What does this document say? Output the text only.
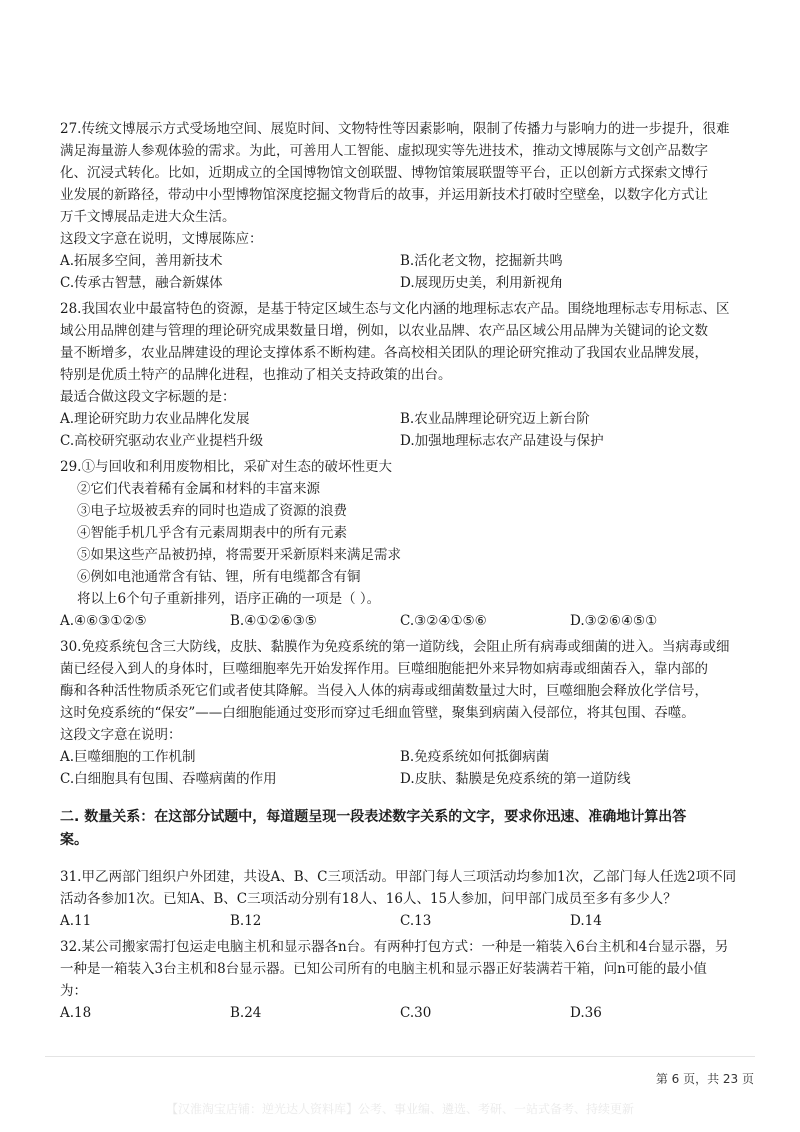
27.传统文博展示方式受场地空间、展览时间、文物特性等因素影响，限制了传播力与影响力的进一步提升，很难
满足海量游人参观体验的需求。为此，可善用人工智能、虚拟现实等先进技术，推动文博展陈与文创产品数字
化、沉浸式转化。比如，近期成立的全国博物馆文创联盟、博物馆策展联盟等平台，正以创新方式探索文博行
业发展的新路径，带动中小型博物馆深度挖掘文物背后的故事，并运用新技术打破时空壁垒，以数字化方式让
万千文博展品走进大众生活。
这段文字意在说明，文博展陈应：
A.拓展多空间，善用新技术	B.活化老文物，挖掘新共鸣
C.传承古智慧，融合新媒体	D.展现历史美，利用新视角
28.我国农业中最富特色的资源，是基于特定区域生态与文化内涵的地理标志农产品。围绕地理标志专用标志、区
域公用品牌创建与管理的理论研究成果数量日增，例如，以农业品牌、农产品区域公用品牌为关键词的论文数
量不断增多，农业品牌建设的理论支撑体系不断构建。各高校相关团队的理论研究推动了我国农业品牌发展，
特别是优质土特产的品牌化进程，也推动了相关支持政策的出台。
最适合做这段文字标题的是：
A.理论研究助力农业品牌化发展	B.农业品牌理论研究迈上新台阶
C.高校研究驱动农业产业提档升级	D.加强地理标志农产品建设与保护
29.①与回收和利用废物相比，采矿对生态的破坏性更大
②它们代表着稀有金属和材料的丰富来源
③电子垃圾被丢弃的同时也造成了资源的浪费
④智能手机几乎含有元素周期表中的所有元素
⑤如果这些产品被扔掉，将需要开采新原料来满足需求
⑥例如电池通常含有钴、锂，所有电缆都含有铜
将以上6个句子重新排列，语序正确的一项是（ ）。
A.④⑥③①②⑤	B.④①②⑥③⑤	C.③②④①⑤⑥	D.③②⑥④⑤①
30.免疫系统包含三大防线，皮肤、黏膜作为免疫系统的第一道防线，会阻止所有病毒或细菌的进入。当病毒或细
菌已经侵入到人的身体时，巨噬细胞率先开始发挥作用。巨噬细胞能把外来异物如病毒或细菌吞入，靠内部的
酶和各种活性物质杀死它们或者使其降解。当侵入人体的病毒或细菌数量过大时，巨噬细胞会释放化学信号，
这时免疫系统的“保安”——白细胞能通过变形而穿过毛细血管壁，聚集到病菌入侵部位，将其包围、吞噬。
这段文字意在说明：
A.巨噬细胞的工作机制	B.免疫系统如何抵御病菌
C.白细胞具有包围、吞噬病菌的作用	D.皮肤、黏膜是免疫系统的第一道防线
二. 数量关系：在这部分试题中，每道题呈现一段表述数字关系的文字，要求你迅速、准确地计算出答
案。
31.甲乙两部门组织户外团建，共设A、B、C三项活动。甲部门每人三项活动均参加1次，乙部门每人任选2项不同
活动各参加1次。已知A、B、C三项活动分别有18人、16人、15人参加，问甲部门成员至多有多少人？
A.11	B.12	C.13	D.14
32.某公司搬家需打包运走电脑主机和显示器各n台。有两种打包方式：一种是一箱装入6台主机和4台显示器，另
一种是一箱装入3台主机和8台显示器。已知公司所有的电脑主机和显示器正好装满若干箱，问n可能的最小值
为：
A.18	B.24	C.30	D.36
第 6 页，共 23 页
【汉淮淘宝店铺：逆光达人资料库】公考、事业编、遴选、考研、一站式备考、持续更新
